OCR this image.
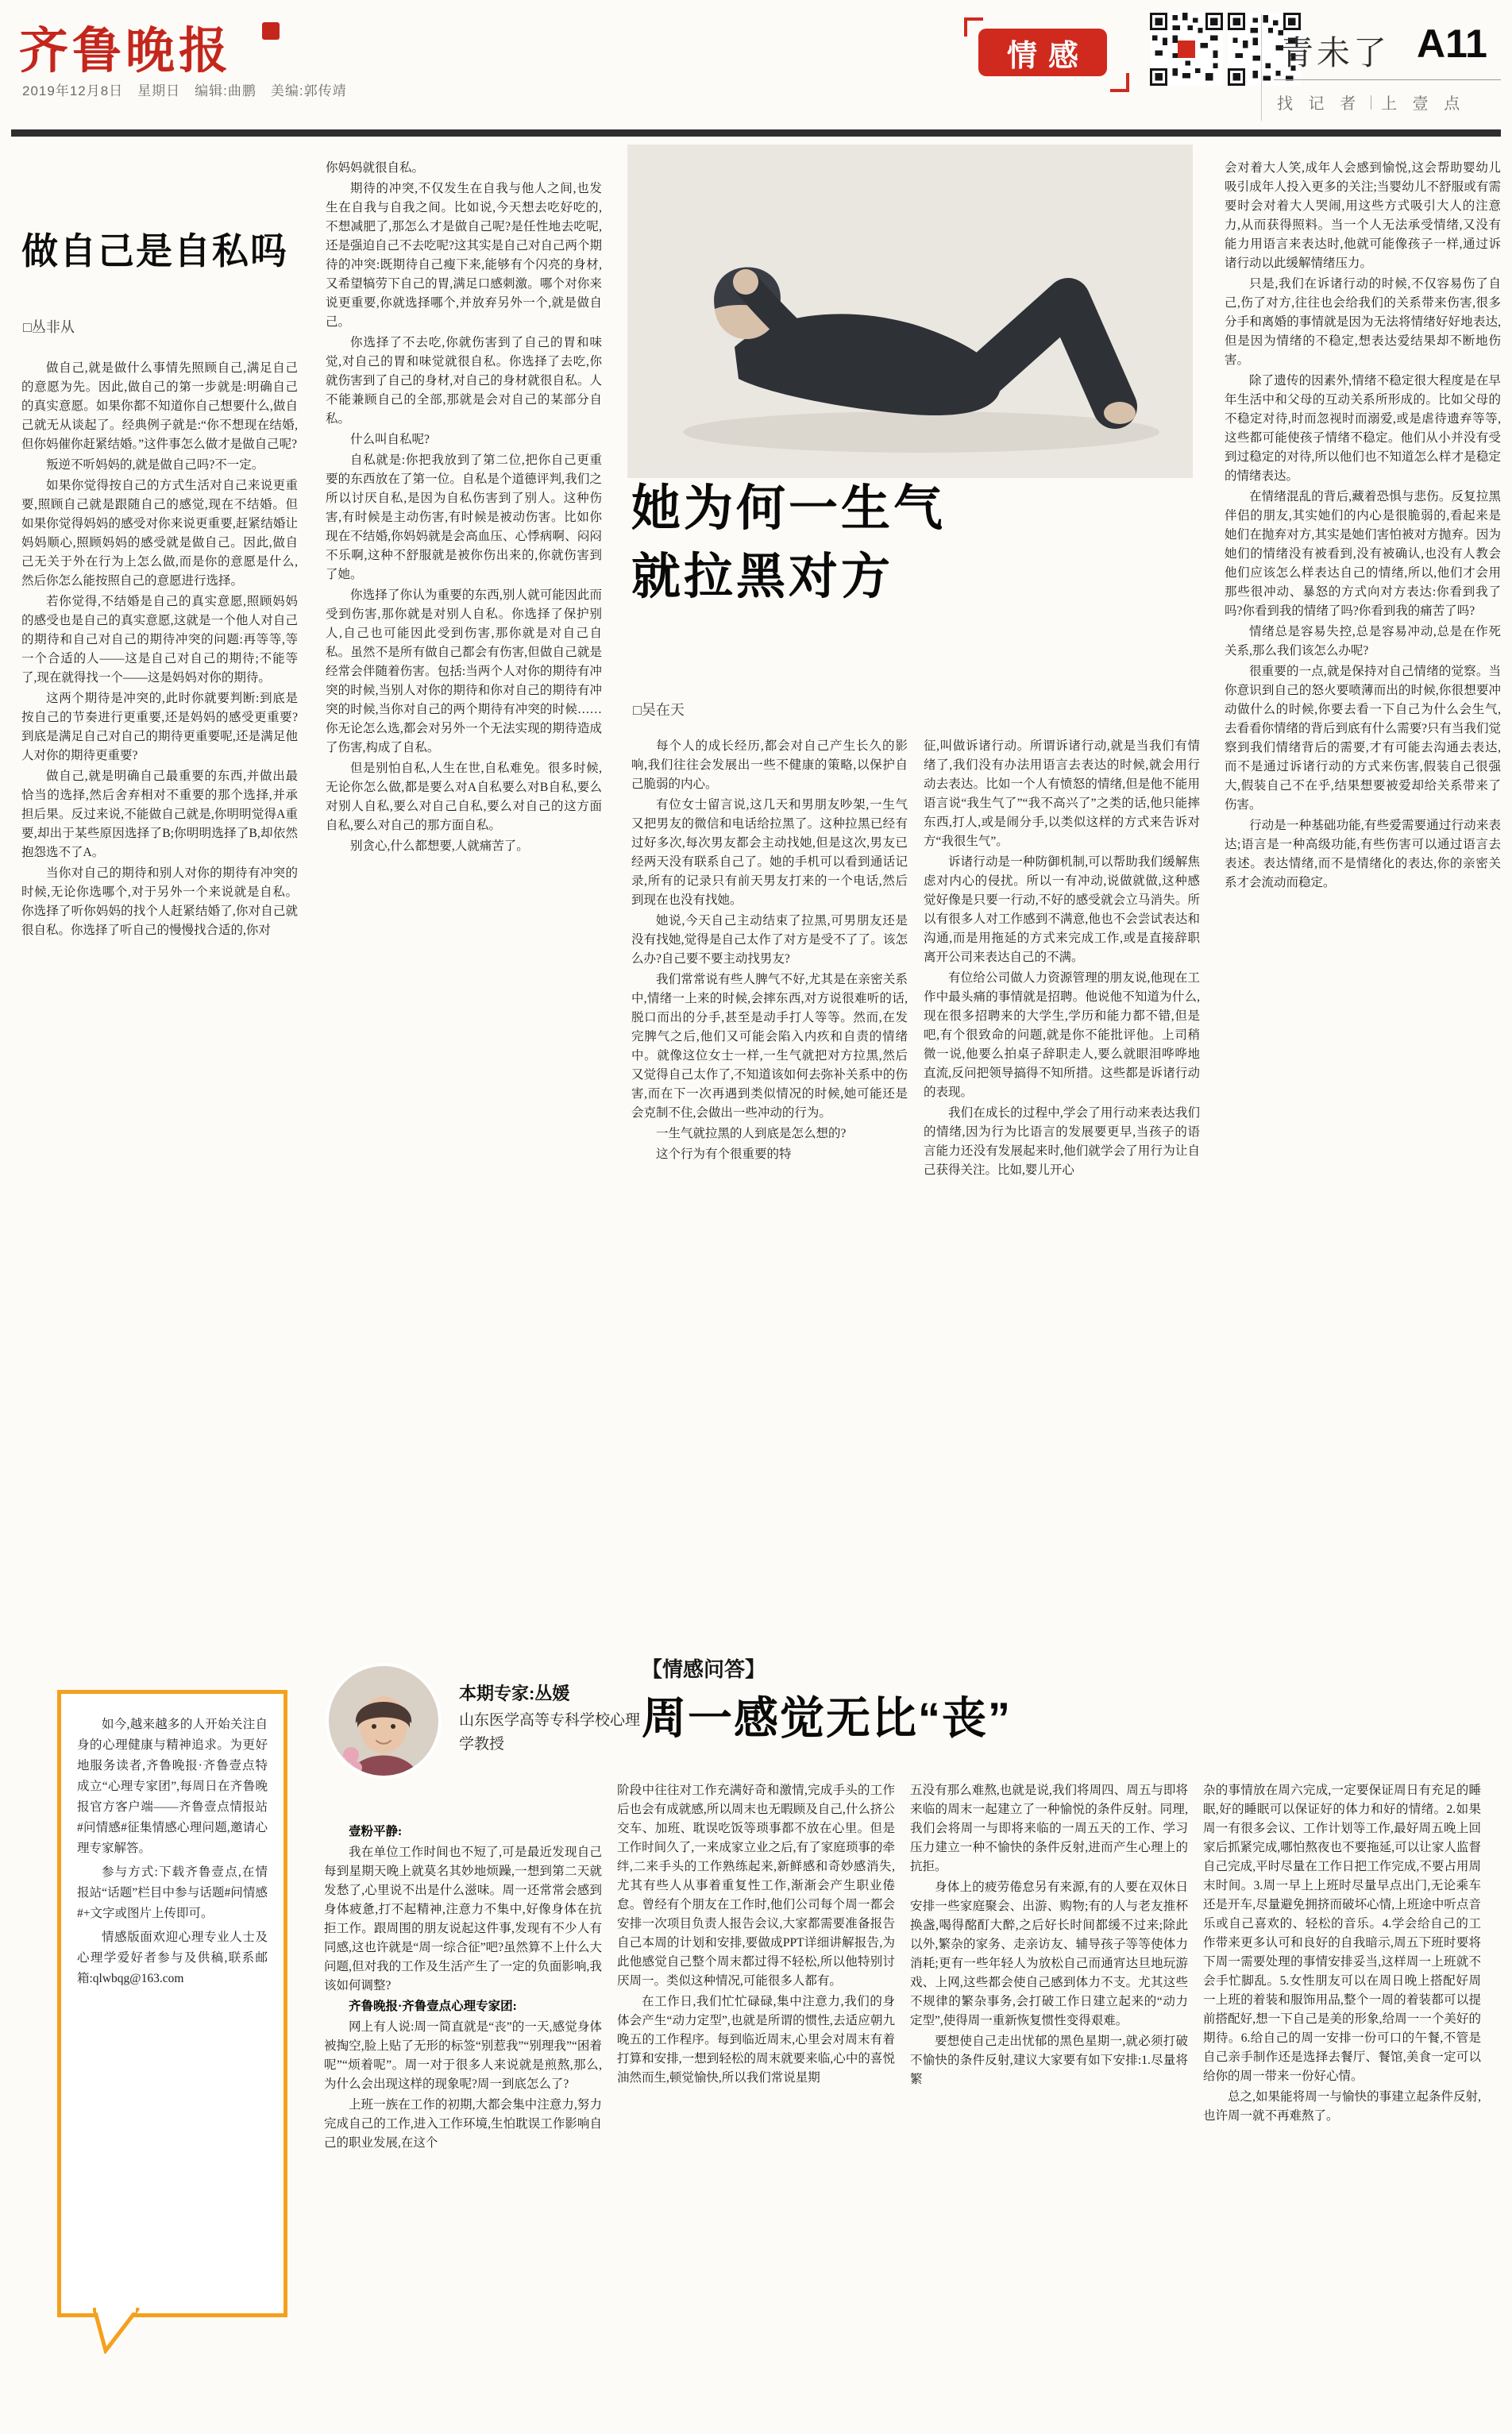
齐鲁晚报
2019年12月8日　星期日　编辑:曲鹏　美编:郭传靖
情感	青未了 A11
找 记 者 上 壹 点
做自己是自私吗
□丛非从

做自己,就是做什么事情先照顾自己,满足自己的意愿为先。因此,做自己的第一步就是:明确自己的真实意愿。如果你都不知道你自己想要什么,做自己就无从谈起了。经典例子就是:“你不想现在结婚,但你妈催你赶紧结婚。”这件事怎么做才是做自己呢?

叛逆不听妈妈的,就是做自己吗?不一定。

如果你觉得按自己的方式生活对自己来说更重要,照顾自己就是跟随自己的感觉,现在不结婚。但如果你觉得妈妈的感受对你来说更重要,赶紧结婚让妈妈顺心,照顾妈妈的感受就是做自己。因此,做自己无关于外在行为上怎么做,而是你的意愿是什么,然后你怎么能按照自己的意愿进行选择。

若你觉得,不结婚是自己的真实意愿,照顾妈妈的感受也是自己的真实意愿,这就是一个他人对自己的期待和自己对自己的期待冲突的问题:再等等,等一个合适的人——这是自己对自己的期待;不能等了,现在就得找一个——这是妈妈对你的期待。

这两个期待是冲突的,此时你就要判断:到底是按自己的节奏进行更重要,还是妈妈的感受更重要?到底是满足自己对自己的期待更重要呢,还是满足他人对你的期待更重要?

做自己,就是明确自己最重要的东西,并做出最恰当的选择,然后舍弃相对不重要的那个选择,并承担后果。反过来说,不能做自己就是,你明明觉得A重要,却出于某些原因选择了B;你明明选择了B,却依然抱怨选不了A。

当你对自己的期待和别人对你的期待有冲突的时候,无论你选哪个,对于另外一个来说就是自私。你选择了听你妈妈的找个人赶紧结婚了,你对自己就很自私。你选择了听自己的慢慢找合适的,你对

你妈妈就很自私。

期待的冲突,不仅发生在自我与他人之间,也发生在自我与自我之间。比如说,今天想去吃好吃的,不想减肥了,那怎么才是做自己呢?是任性地去吃呢,还是强迫自己不去吃呢?这其实是自己对自己两个期待的冲突:既期待自己瘦下来,能够有个闪亮的身材,又希望犒劳下自己的胃,满足口感刺激。哪个对你来说更重要,你就选择哪个,并放弃另外一个,就是做自己。

你选择了不去吃,你就伤害到了自己的胃和味觉,对自己的胃和味觉就很自私。你选择了去吃,你就伤害到了自己的身材,对自己的身材就很自私。人不能兼顾自己的全部,那就是会对自己的某部分自私。

什么叫自私呢?

自私就是:你把我放到了第二位,把你自己更重要的东西放在了第一位。自私是个道德评判,我们之所以讨厌自私,是因为自私伤害到了别人。这种伤害,有时候是主动伤害,有时候是被动伤害。比如你现在不结婚,你妈妈就是会高血压、心悸病啊、闷闷不乐啊,这种不舒服就是被你伤出来的,你就伤害到了她。

你选择了你认为重要的东西,别人就可能因此而受到伤害,那你就是对别人自私。你选择了保护别人,自己也可能因此受到伤害,那你就是对自己自私。虽然不是所有做自己都会有伤害,但做自己就是经常会伴随着伤害。包括:当两个人对你的期待有冲突的时候,当别人对你的期待和你对自己的期待有冲突的时候,当你对自己的两个期待有冲突的时候……你无论怎么选,都会对另外一个无法实现的期待造成了伤害,构成了自私。

但是别怕自私,人生在世,自私难免。很多时候,无论你怎么做,都是要么对A自私要么对B自私,要么对别人自私,要么对自己自私,要么对自己的这方面自私,要么对自己的那方面自私。

别贪心,什么都想要,人就痛苦了。

她为何一生气
就拉黑对方
□吴在天

每个人的成长经历,都会对自己产生长久的影响,我们往往会发展出一些不健康的策略,以保护自己脆弱的内心。

有位女士留言说,这几天和男朋友吵架,一生气又把男友的微信和电话给拉黑了。这种拉黑已经有过好多次,每次男友都会主动找她,但是这次,男友已经两天没有联系自己了。她的手机可以看到通话记录,所有的记录只有前天男友打来的一个电话,然后到现在也没有找她。

她说,今天自己主动结束了拉黑,可男朋友还是没有找她,觉得是自己太作了对方是受不了了。该怎么办?自己要不要主动找男友?

我们常常说有些人脾气不好,尤其是在亲密关系中,情绪一上来的时候,会摔东西,对方说很难听的话,脱口而出的分手,甚至是动手打人等等。然而,在发完脾气之后,他们又可能会陷入内疚和自责的情绪中。就像这位女士一样,一生气就把对方拉黑,然后又觉得自己太作了,不知道该如何去弥补关系中的伤害,而在下一次再遇到类似情况的时候,她可能还是会克制不住,会做出一些冲动的行为。

一生气就拉黑的人到底是怎么想的?

这个行为有个很重要的特

征,叫做诉诸行动。所谓诉诸行动,就是当我们有情绪了,我们没有办法用语言去表达的时候,就会用行动去表达。比如一个人有愤怒的情绪,但是他不能用语言说“我生气了”“我不高兴了”之类的话,他只能摔东西,打人,或是闹分手,以类似这样的方式来告诉对方“我很生气”。

诉诸行动是一种防御机制,可以帮助我们缓解焦虑对内心的侵扰。所以一有冲动,说做就做,这种感觉好像是只要一行动,不好的感受就会立马消失。所以有很多人对工作感到不满意,他也不会尝试表达和沟通,而是用拖延的方式来完成工作,或是直接辞职离开公司来表达自己的不满。

有位给公司做人力资源管理的朋友说,他现在工作中最头痛的事情就是招聘。他说他不知道为什么,现在很多招聘来的大学生,学历和能力都不错,但是吧,有个很致命的问题,就是你不能批评他。上司稍微一说,他要么拍桌子辞职走人,要么就眼泪哗哗地直流,反问把领导搞得不知所措。这些都是诉诸行动的表现。

我们在成长的过程中,学会了用行动来表达我们的情绪,因为行为比语言的发展要更早,当孩子的语言能力还没有发展起来时,他们就学会了用行为让自己获得关注。比如,婴儿开心

会对着大人笑,成年人会感到愉悦,这会帮助婴幼儿吸引成年人投入更多的关注;当婴幼儿不舒服或有需要时会对着大人哭闹,用这些方式吸引大人的注意力,从而获得照料。当一个人无法承受情绪,又没有能力用语言来表达时,他就可能像孩子一样,通过诉诸行动以此缓解情绪压力。

只是,我们在诉诸行动的时候,不仅容易伤了自己,伤了对方,往往也会给我们的关系带来伤害,很多分手和离婚的事情就是因为无法将情绪好好地表达,但是因为情绪的不稳定,想表达爱结果却不断地伤害。

除了遗传的因素外,情绪不稳定很大程度是在早年生活中和父母的互动关系所形成的。比如父母的不稳定对待,时而忽视时而溺爱,或是虐待遗弃等等,这些都可能使孩子情绪不稳定。他们从小并没有受到过稳定的对待,所以他们也不知道怎么样才是稳定的情绪表达。

在情绪混乱的背后,藏着恐惧与悲伤。反复拉黑伴侣的朋友,其实她们的内心是很脆弱的,看起来是她们在抛弃对方,其实是她们害怕被对方抛弃。因为她们的情绪没有被看到,没有被确认,也没有人教会他们应该怎么样表达自己的情绪,所以,他们才会用那些很冲动、暴怒的方式向对方表达:你看到我了吗?你看到我的情绪了吗?你看到我的痛苦了吗?

情绪总是容易失控,总是容易冲动,总是在作死关系,那么我们该怎么办呢?

很重要的一点,就是保持对自己情绪的觉察。当你意识到自己的怒火要喷薄而出的时候,你很想要冲动做什么的时候,你要去看一下自己为什么会生气,去看看你情绪的背后到底有什么需要?只有当我们觉察到我们情绪背后的需要,才有可能去沟通去表达,而不是通过诉诸行动的方式来伤害,假装自己很强大,假装自己不在乎,结果想要被爱却给关系带来了伤害。

行动是一种基础功能,有些爱需要通过行动来表达;语言是一种高级功能,有些伤害可以通过语言去表述。表达情绪,而不是情绪化的表达,你的亲密关系才会流动而稳定。

如今,越来越多的人开始关注自身的心理健康与精神追求。为更好地服务读者,齐鲁晚报·齐鲁壹点特成立“心理专家团”,每周日在齐鲁晚报官方客户端——齐鲁壹点情报站#问情感#征集情感心理问题,邀请心理专家解答。

参与方式:下载齐鲁壹点,在情报站“话题”栏目中参与话题#问情感#+文字或图片上传即可。

情感版面欢迎心理专业人士及心理学爱好者参与及供稿,联系邮箱:qlwbqg@163.com

本期专家:丛媛
山东医学高等专科学校心理学教授
【情感问答】
周一感觉无比“丧”

壹粉平静:

我在单位工作时间也不短了,可是最近发现自己每到星期天晚上就莫名其妙地烦躁,一想到第二天就发愁了,心里说不出是什么滋味。周一还常常会感到身体疲惫,打不起精神,注意力不集中,好像身体在抗拒工作。跟周围的朋友说起这件事,发现有不少人有同感,这也许就是“周一综合征”吧?虽然算不上什么大问题,但对我的工作及生活产生了一定的负面影响,我该如何调整?

齐鲁晚报·齐鲁壹点心理专家团:

网上有人说:周一简直就是“丧”的一天,感觉身体被掏空,脸上贴了无形的标签“别惹我”“别理我”“困着呢”“烦着呢”。周一对于很多人来说就是煎熬,那么,为什么会出现这样的现象呢?周一到底怎么了?

上班一族在工作的初期,大都会集中注意力,努力完成自己的工作,进入工作环境,生怕耽误工作影响自己的职业发展,在这个

阶段中往往对工作充满好奇和激情,完成手头的工作后也会有成就感,所以周末也无暇顾及自己,什么挤公交车、加班、耽误吃饭等琐事都不放在心里。但是工作时间久了,一来成家立业之后,有了家庭琐事的牵绊,二来手头的工作熟练起来,新鲜感和奇妙感消失,尤其有些人从事着重复性工作,渐渐会产生职业倦怠。曾经有个朋友在工作时,他们公司每个周一都会安排一次项目负责人报告会议,大家都需要准备报告自己本周的计划和安排,要做成PPT详细讲解报告,为此他感觉自己整个周末都过得不轻松,所以他特别讨厌周一。类似这种情况,可能很多人都有。

在工作日,我们忙忙碌碌,集中注意力,我们的身体会产生“动力定型”,也就是所谓的惯性,去适应朝九晚五的工作程序。每到临近周末,心里会对周末有着打算和安排,一想到轻松的周末就要来临,心中的喜悦油然而生,顿觉愉快,所以我们常说星期

五没有那么难熬,也就是说,我们将周四、周五与即将来临的周末一起建立了一种愉悦的条件反射。同理,我们会将周一与即将来临的一周五天的工作、学习压力建立一种不愉快的条件反射,进而产生心理上的抗拒。

身体上的疲劳倦怠另有来源,有的人要在双休日安排一些家庭聚会、出游、购物;有的人与老友推杯换盏,喝得酩酊大醉,之后好长时间都缓不过来;除此以外,繁杂的家务、走亲访友、辅导孩子等等使体力消耗;更有一些年轻人为放松自己而通宵达旦地玩游戏、上网,这些都会使自己感到体力不支。尤其这些不规律的繁杂事务,会打破工作日建立起来的“动力定型”,使得周一重新恢复惯性变得艰难。

要想使自己走出忧郁的黑色星期一,就必须打破不愉快的条件反射,建议大家要有如下安排:1.尽量将繁

杂的事情放在周六完成,一定要保证周日有充足的睡眠,好的睡眠可以保证好的体力和好的情绪。2.如果周一有很多会议、工作计划等工作,最好周五晚上回家后抓紧完成,哪怕熬夜也不要拖延,可以让家人监督自己完成,平时尽量在工作日把工作完成,不要占用周末时间。3.周一早上上班时尽量早点出门,无论乘车还是开车,尽量避免拥挤而破坏心情,上班途中听点音乐或自己喜欢的、轻松的音乐。4.学会给自己的工作带来更多认可和良好的自我暗示,周五下班时要将下周一需要处理的事情安排妥当,这样周一上班就不会手忙脚乱。5.女性朋友可以在周日晚上搭配好周一上班的着装和服饰用品,整个一周的着装都可以提前搭配好,想一下自己是美的形象,给周一一个美好的期待。6.给自己的周一安排一份可口的午餐,不管是自己亲手制作还是选择去餐厅、餐馆,美食一定可以给你的周一带来一份好心情。

总之,如果能将周一与愉快的事建立起条件反射,也许周一就不再难熬了。
